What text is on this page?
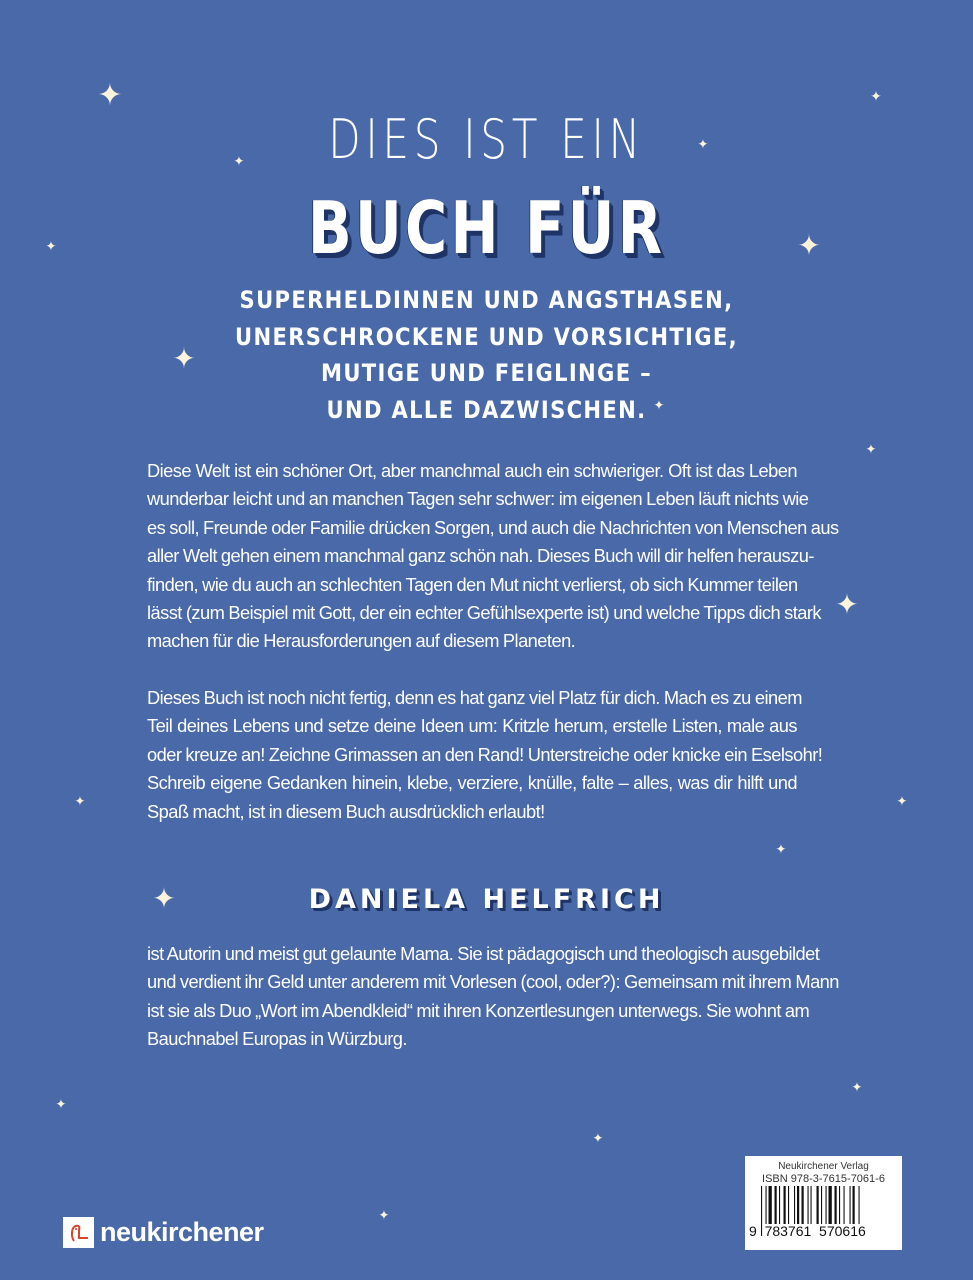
✦	✦
✦
✦
✦	✦
✦
✦
✦
✦
✦	✦
✦
✦
✦
✦
✦
✦
DIES IST EIN
BUCH FÜR
SUPERHELDINNEN UND ANGSTHASEN,
UNERSCHROCKENE UND VORSICHTIGE,
MUTIGE UND FEIGLINGE –
UND ALLE DAZWISCHEN.
Diese Welt ist ein schöner Ort, aber manchmal auch ein schwieriger. Oft ist das Leben
wunderbar leicht und an manchen Tagen sehr schwer: im eigenen Leben läuft nichts wie
es soll, Freunde oder Familie drücken Sorgen, und auch die Nachrichten von Menschen aus
aller Welt gehen einem manchmal ganz schön nah. Dieses Buch will dir helfen herauszu-
finden, wie du auch an schlechten Tagen den Mut nicht verlierst, ob sich Kummer teilen
lässt (zum Beispiel mit Gott, der ein echter Gefühlsexperte ist) und welche Tipps dich stark
machen für die Herausforderungen auf diesem Planeten.
Dieses Buch ist noch nicht fertig, denn es hat ganz viel Platz für dich. Mach es zu einem
Teil deines Lebens und setze deine Ideen um: Kritzle herum, erstelle Listen, male aus
oder kreuze an! Zeichne Grimassen an den Rand! Unterstreiche oder knicke ein Eselsohr!
Schreib eigene Gedanken hinein, klebe, verziere, knülle, falte – alles, was dir hilft und
Spaß macht, ist in diesem Buch ausdrücklich erlaubt!
DANIELA HELFRICH
ist Autorin und meist gut gelaunte Mama. Sie ist pädagogisch und theologisch ausgebildet
und verdient ihr Geld unter anderem mit Vorlesen (cool, oder?): Gemeinsam mit ihrem Mann
ist sie als Duo „Wort im Abendkleid“ mit ihren Konzertlesungen unterwegs. Sie wohnt am
Bauchnabel Europas in Würzburg.
neukirchener
Neukirchener Verlag
ISBN 978-3-7615-7061-6
9  783761  570616
